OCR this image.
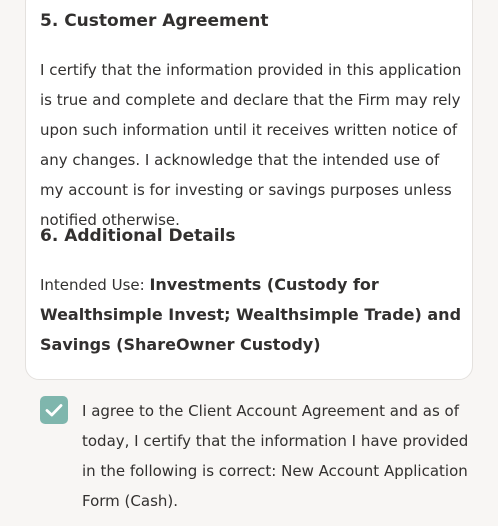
5. Customer Agreement

I certify that the information provided in this application is true and complete and declare that the Firm may rely upon such information until it receives written notice of any changes. I acknowledge that the intended use of my account is for investing or savings purposes unless notified otherwise.

6. Additional Details

Intended Use: Investments (Custody for Wealthsimple Invest; Wealthsimple Trade) and Savings (ShareOwner Custody)

I agree to the Client Account Agreement and as of today, I certify that the information I have provided in the following is correct: New Account Application Form (Cash).
